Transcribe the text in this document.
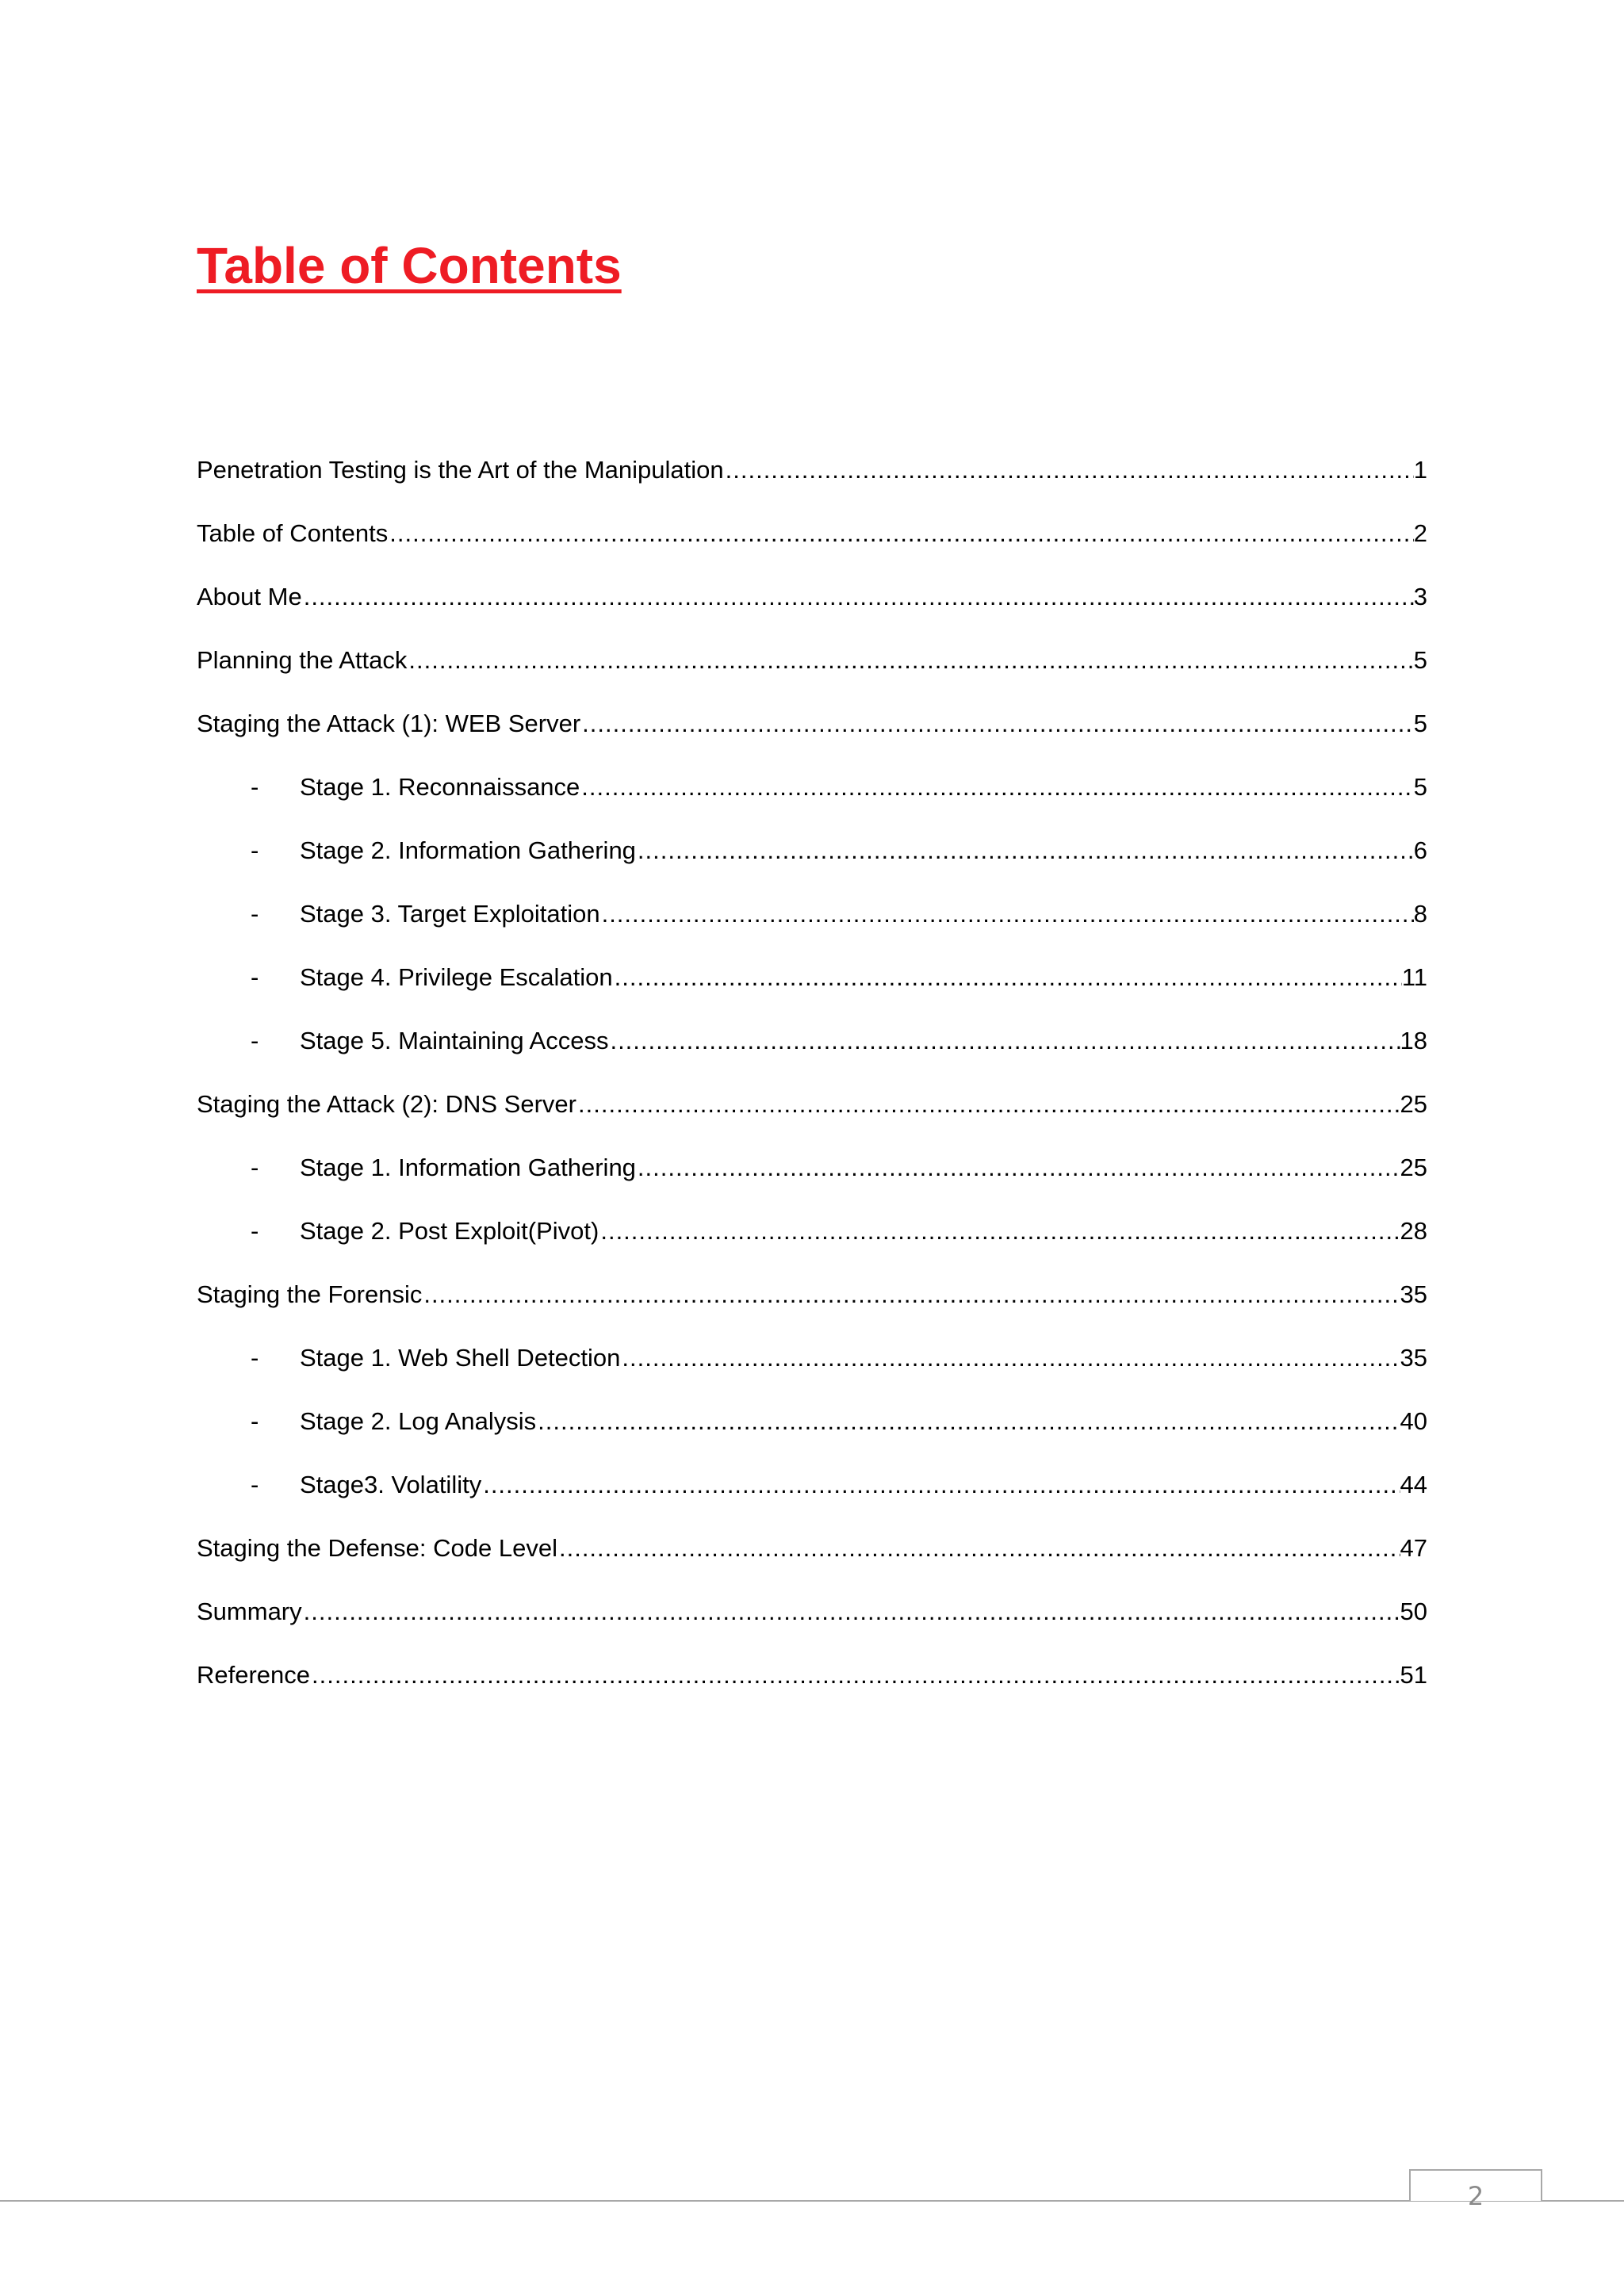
Table of Contents
Penetration Testing is the Art of the Manipulation .....	1
Table of Contents .....	2
About Me .....	3
Planning the Attack .....	5
Staging the Attack (1): WEB Server .....	5
-	Stage 1. Reconnaissance .....	5
-	Stage 2. Information Gathering .....	6
-	Stage 3. Target Exploitation .....	8
-	Stage 4. Privilege Escalation .....	11
-	Stage 5. Maintaining Access .....	18
Staging the Attack (2): DNS Server .....	25
-	Stage 1. Information Gathering .....	25
-	Stage 2. Post Exploit(Pivot) .....	28
Staging the Forensic .....	35
-	Stage 1. Web Shell Detection .....	35
-	Stage 2. Log Analysis .....	40
-	Stage3. Volatility .....	44
Staging the Defense: Code Level .....	47
Summary .....	50
Reference .....	51
2
